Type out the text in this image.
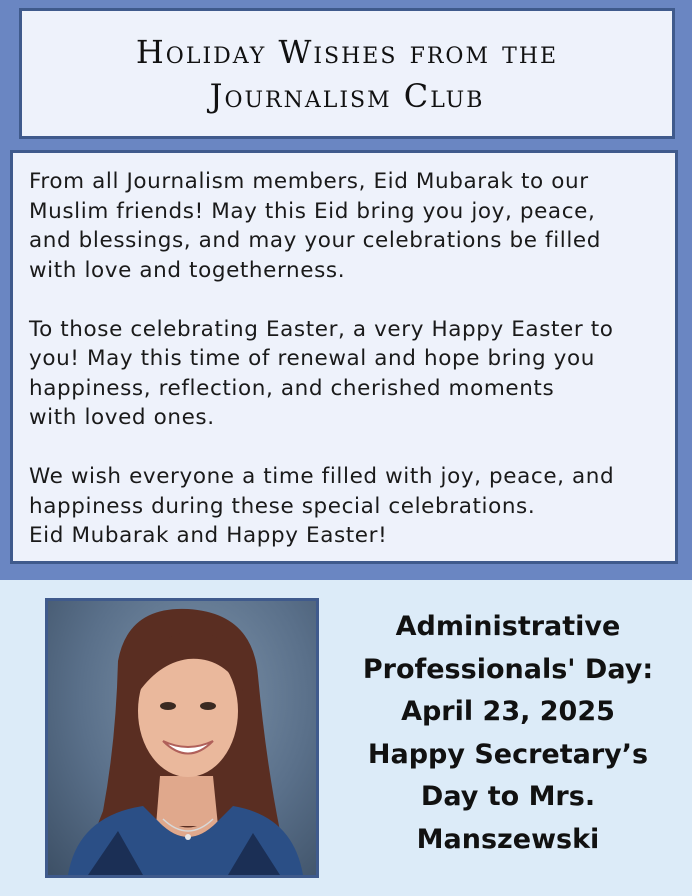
Holiday Wishes from the
Journalism Club

From all Journalism members, Eid Mubarak to our
Muslim friends! May this Eid bring you joy, peace,
and blessings, and may your celebrations be filled
with love and togetherness.

To those celebrating Easter, a very Happy Easter to
you! May this time of renewal and hope bring you
happiness, reflection, and cherished moments
with loved ones.

We wish everyone a time filled with joy, peace, and
happiness during these special celebrations.
Eid Mubarak and Happy Easter!

Administrative
Professionals' Day:
April 23, 2025
Happy Secretary’s
Day to Mrs.
Manszewski
